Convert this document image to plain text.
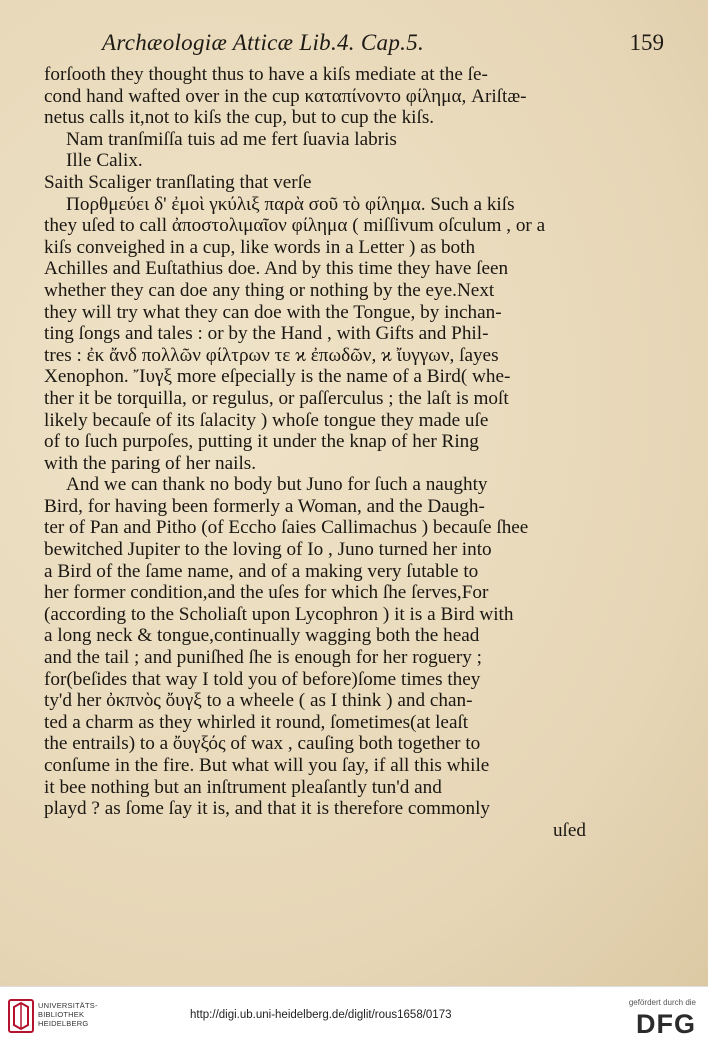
Archæologiæ Atticæ Lib.4. Cap.5.	159
forſooth they thought thus to have a kiſs mediate at the ſe-
cond hand wafted over in the cup καταπίνοντο φίλημα, Ariſtæ-
netus calls it,not to kiſs the cup, but to cup the kiſs.
Nam tranſmiſſa tuis ad me fert ſuavia labris
Ille Calix.
Saith Scaliger tranſlating that verſe
Πορθμεύει δ' ἐμοὶ γκύλιξ παρὰ σοῦ τὸ φίλημα. Such a kiſs
they uſed to call ἀποστολιμαῖον φίλημα ( miſſivum oſculum , or a
kiſs conveighed in a cup, like words in a Letter ) as both
Achilles and Euſtathius doe. And by this time they have ſeen
whether they can doe any thing or nothing by the eye.Next
they will try what they can doe with the Tongue, by inchan-
ting ſongs and tales : or by the Hand , with Gifts and Phil-
tres : ἐκ ἄνδ πολλῶν φίλτρων τε ϰ ἐπωδῶν, ϰ ἴυγγων, ſayes
Xenophon. Ἴυγξ more eſpecially is the name of a Bird( whe-
ther it be torquilla, or regulus, or paſſerculus ; the laſt is moſt
likely becauſe of its ſalacity ) whoſe tongue they made uſe
of to ſuch purpoſes, putting it under the knap of her Ring
with the paring of her nails.
And we can thank no body but Juno for ſuch a naughty
Bird, for having been formerly a Woman, and the Daugh-
ter of Pan and Pitho (of Eccho ſaies Callimachus ) becauſe ſhee
bewitched Jupiter to the loving of Io , Juno turned her into
a Bird of the ſame name, and of a making very ſutable to
her former condition,and the uſes for which ſhe ſerves,For
(according to the Scholiaſt upon Lycophron ) it is a Bird with
a long neck & tongue,continually wagging both the head
and the tail ; and puniſhed ſhe is enough for her roguery ;
for(beſides that way I told you of before)ſome times they
ty'd her ὀκπνὸς ὄυγξ to a wheele ( as I think ) and chan-
ted a charm as they whirled it round, ſometimes(at leaſt
the entrails) to a ὄυγξός of wax , cauſing both together to
conſume in the fire. But what will you ſay, if all this while
it bee nothing but an inſtrument pleaſantly tun'd and
playd ? as ſome ſay it is, and that it is therefore commonly
uſed
UNIVERSITÄTS-BIBLIOTHEK HEIDELBERG
http://digi.ub.uni-heidelberg.de/diglit/rous1658/0173
gefördert durch die
DFG
